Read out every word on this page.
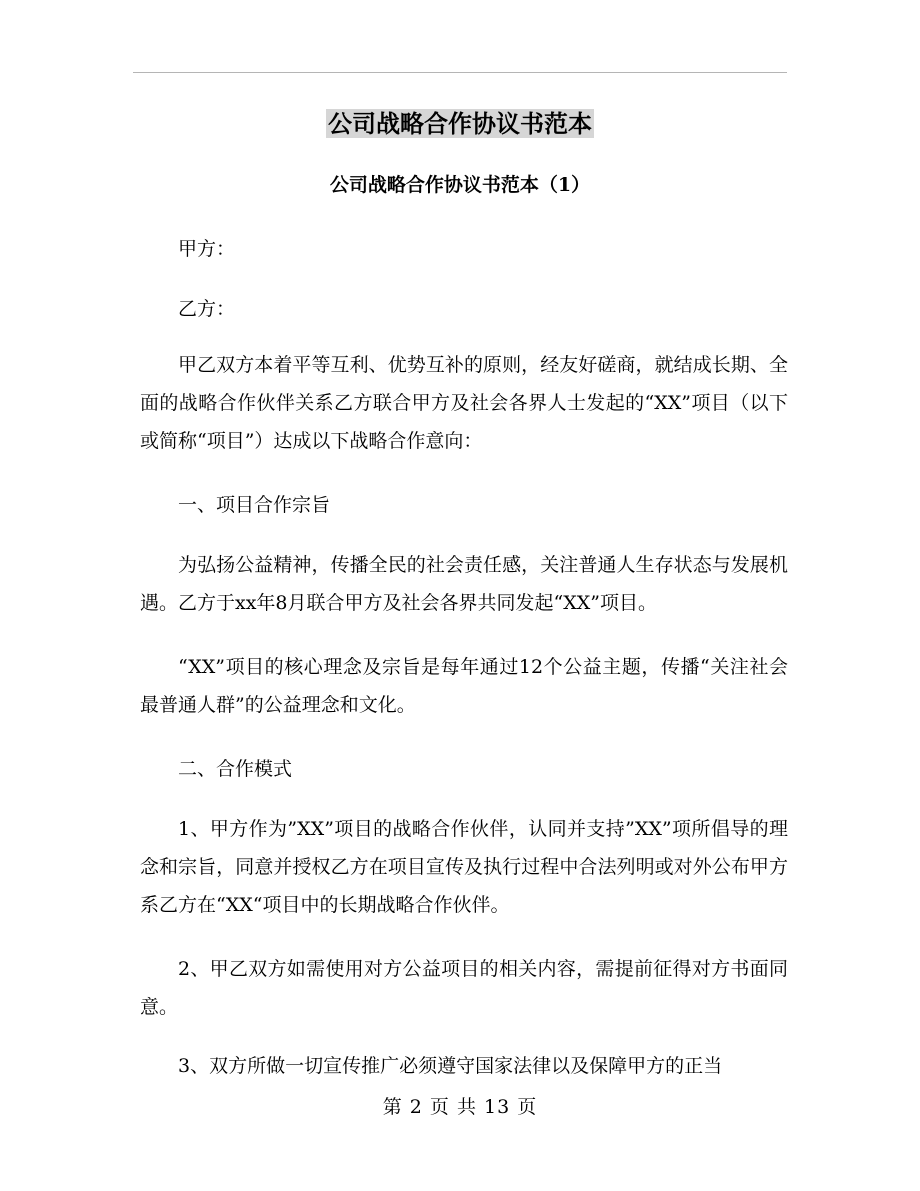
公司战略合作协议书范本
公司战略合作协议书范本（1）

甲方：

乙方：

甲乙双方本着平等互利、优势互补的原则，经友好磋商，就结成长期、全面的战略合作伙伴关系乙方联合甲方及社会各界人士发起的“XX”项目（以下或简称“项目”）达成以下战略合作意向：

一、项目合作宗旨

为弘扬公益精神，传播全民的社会责任感，关注普通人生存状态与发展机遇。乙方于xx年8月联合甲方及社会各界共同发起“XX”项目。

“XX”项目的核心理念及宗旨是每年通过12个公益主题，传播“关注社会最普通人群”的公益理念和文化。

二、合作模式

1、甲方作为”XX”项目的战略合作伙伴，认同并支持”XX”项所倡导的理念和宗旨，同意并授权乙方在项目宣传及执行过程中合法列明或对外公布甲方系乙方在“XX“项目中的长期战略合作伙伴。

2、甲乙双方如需使用对方公益项目的相关内容，需提前征得对方书面同意。

3、双方所做一切宣传推广必须遵守国家法律以及保障甲方的正当

第 2 页 共 13 页
